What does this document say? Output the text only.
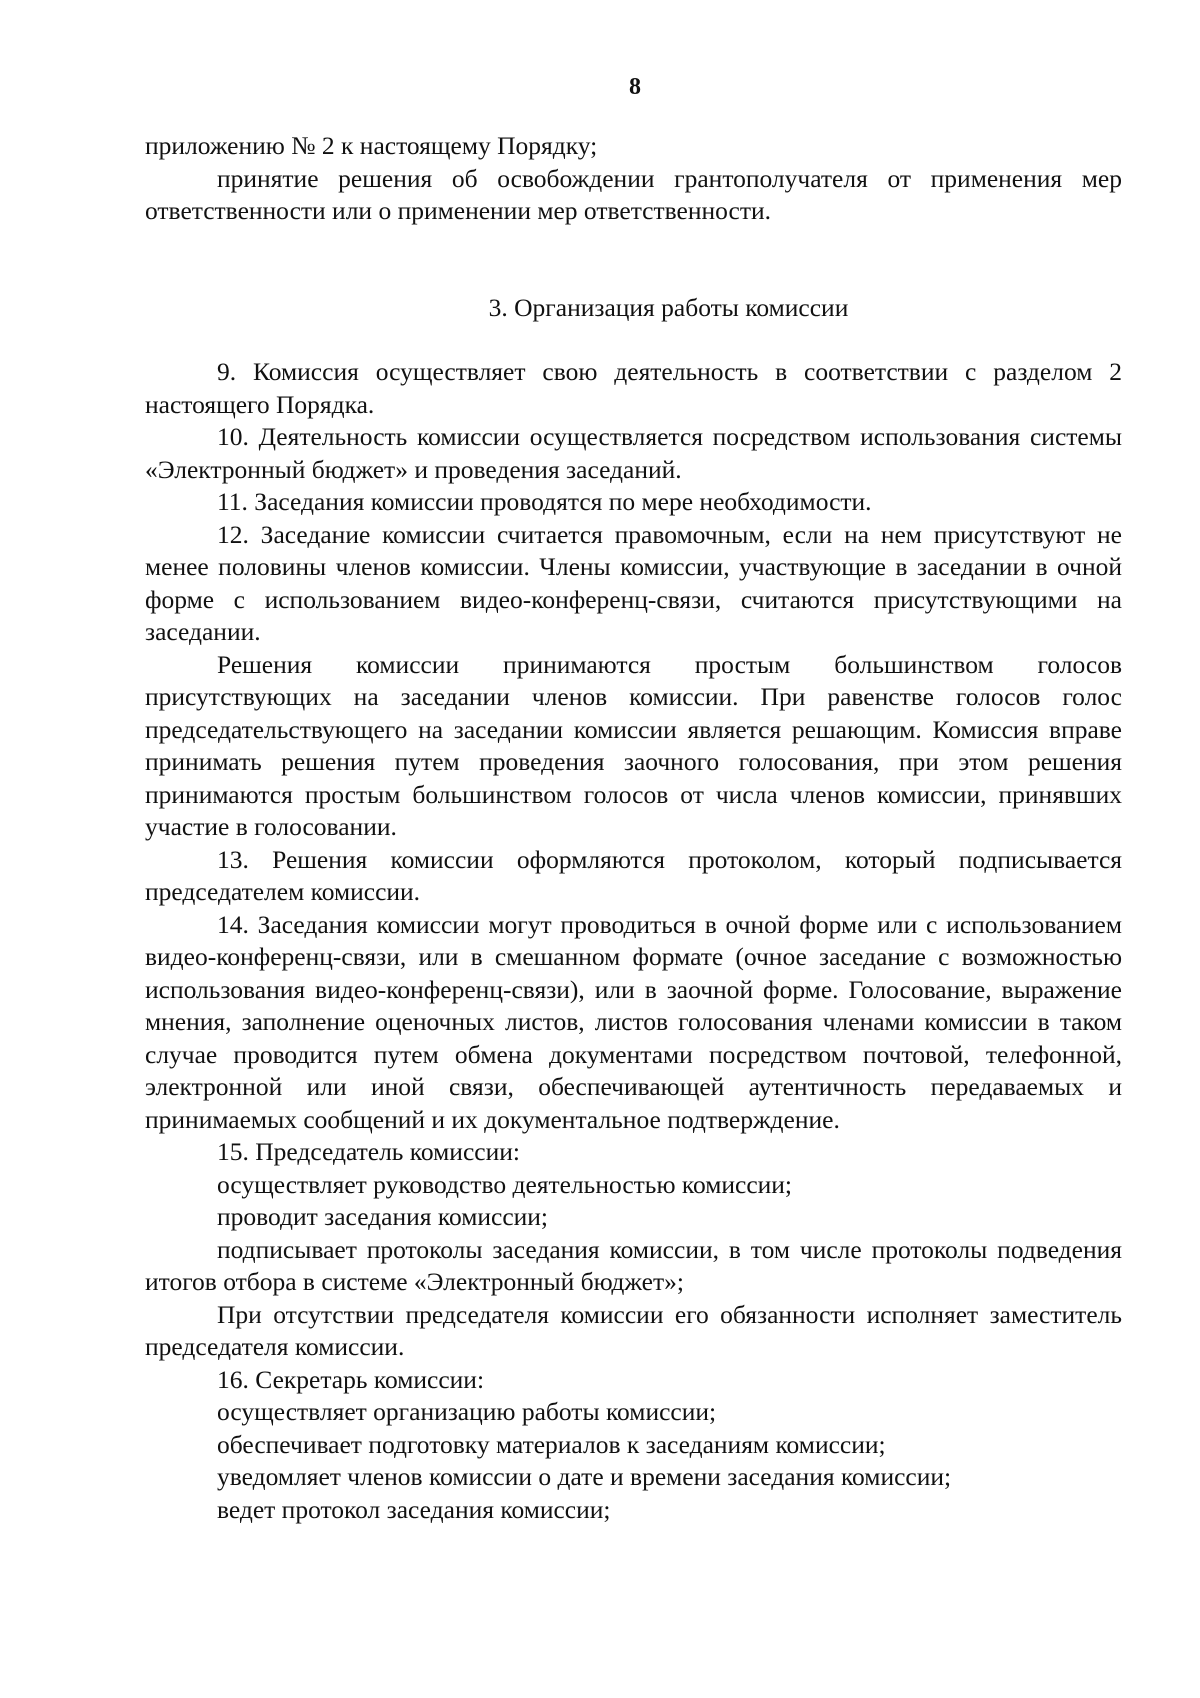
8

приложению № 2 к настоящему Порядку;

принятие решения об освобождении грантополучателя от применения мер ответственности или о применении мер ответственности.

3. Организация работы комиссии

9. Комиссия осуществляет свою деятельность в соответствии с разделом 2 настоящего Порядка.

10. Деятельность комиссии осуществляется посредством использования системы «Электронный бюджет» и проведения заседаний.

11. Заседания комиссии проводятся по мере необходимости.

12. Заседание комиссии считается правомочным, если на нем присутствуют не менее половины членов комиссии. Члены комиссии, участвующие в заседании в очной форме с использованием видео-конференц-связи, считаются присутствующими на заседании.

Решения комиссии принимаются простым большинством голосов присутствующих на заседании членов комиссии. При равенстве голосов голос председательствующего на заседании комиссии является решающим. Комиссия вправе принимать решения путем проведения заочного голосования, при этом решения принимаются простым большинством голосов от числа членов комиссии, принявших участие в голосовании.

13. Решения комиссии оформляются протоколом, который подписывается председателем комиссии.

14. Заседания комиссии могут проводиться в очной форме или с использованием видео-конференц-связи, или в смешанном формате (очное заседание с возможностью использования видео-конференц-связи), или в заочной форме. Голосование, выражение мнения, заполнение оценочных листов, листов голосования членами комиссии в таком случае проводится путем обмена документами посредством почтовой, телефонной, электронной или иной связи, обеспечивающей аутентичность передаваемых и принимаемых сообщений и их документальное подтверждение.

15. Председатель комиссии:

осуществляет руководство деятельностью комиссии;

проводит заседания комиссии;

подписывает протоколы заседания комиссии, в том числе протоколы подведения итогов отбора в системе «Электронный бюджет»;

При отсутствии председателя комиссии его обязанности исполняет заместитель председателя комиссии.

16. Секретарь комиссии:

осуществляет организацию работы комиссии;

обеспечивает подготовку материалов к заседаниям комиссии;

уведомляет членов комиссии о дате и времени заседания комиссии;

ведет протокол заседания комиссии;
